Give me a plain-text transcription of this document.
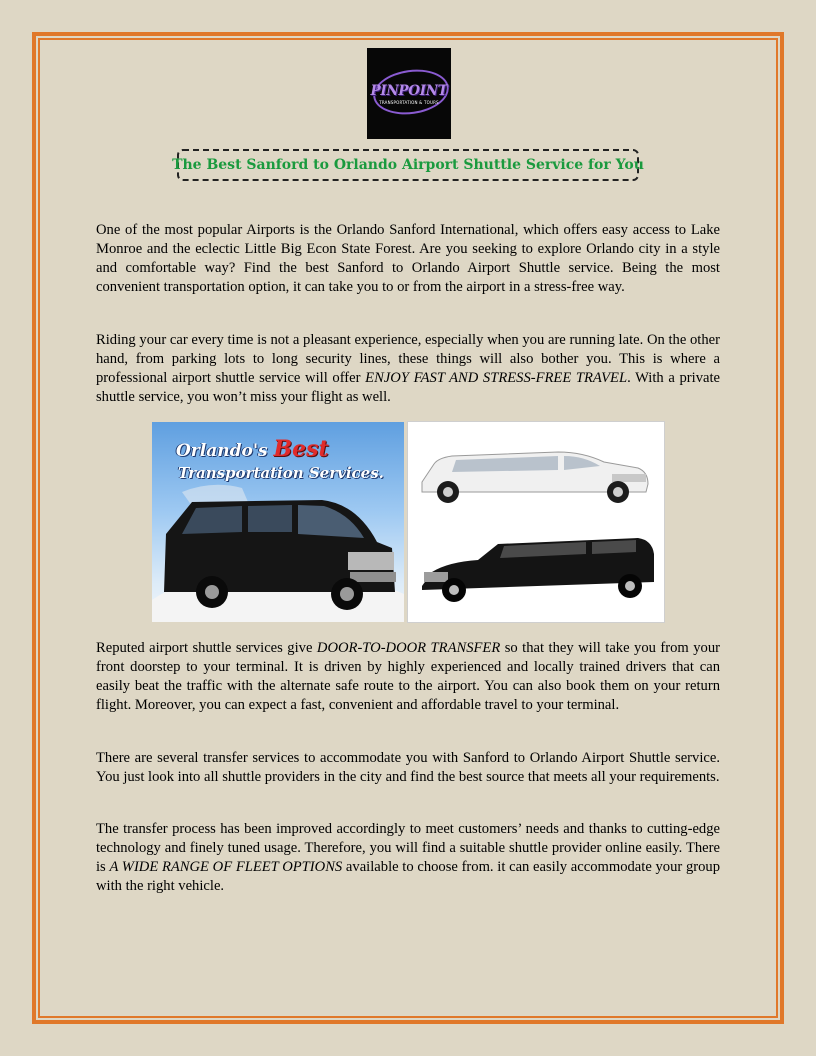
PINPOINT
TRANSPORTATION & TOURS
The Best Sanford to Orlando Airport Shuttle Service for You
One of the most popular Airports is the Orlando Sanford International, which offers easy access to Lake Monroe and the eclectic Little Big Econ State Forest. Are you seeking to explore Orlando city in a style and comfortable way? Find the best Sanford to Orlando Airport Shuttle service. Being the most convenient transportation option, it can take you to or from the airport in a stress-free way.
Riding your car every time is not a pleasant experience, especially when you are running late. On the other hand, from parking lots to long security lines, these things will also bother you. This is where a professional airport shuttle service will offer ENJOY FAST AND STRESS-FREE TRAVEL. With a private shuttle service, you won’t miss your flight as well.
Orlando's Best
Transportation Services.
Reputed airport shuttle services give DOOR-TO-DOOR TRANSFER so that they will take you from your front doorstep to your terminal. It is driven by highly experienced and locally trained drivers that can easily beat the traffic with the alternate safe route to the airport. You can also book them on your return flight. Moreover, you can expect a fast, convenient and affordable travel to your terminal.
There are several transfer services to accommodate you with Sanford to Orlando Airport Shuttle service. You just look into all shuttle providers in the city and find the best source that meets all your requirements.
The transfer process has been improved accordingly to meet customers’ needs and thanks to cutting-edge technology and finely tuned usage. Therefore, you will find a suitable shuttle provider online easily. There is A WIDE RANGE OF FLEET OPTIONS available to choose from. it can easily accommodate your group with the right vehicle.
